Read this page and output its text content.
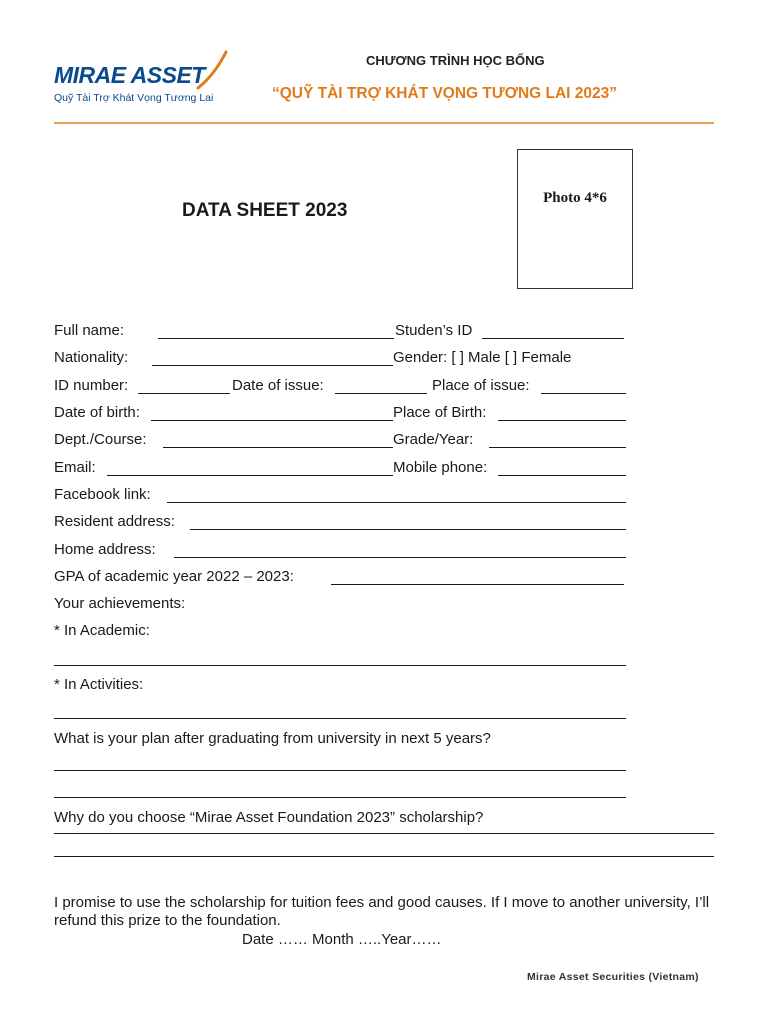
MIRAE ASSET
Quỹ Tài Trợ Khát Vọng Tương Lai
CHƯƠNG TRÌNH HỌC BỔNG
“QUỸ TÀI TRỢ KHÁT VỌNG TƯƠNG LAI 2023”
Photo 4*6
DATA SHEET 2023
Full name:	Studen’s ID
Nationality:	Gender: [ ] Male [ ] Female
ID number:	Date of issue:	Place of issue:
Date of birth:	Place of Birth:
Dept./Course:	Grade/Year:
Email:	Mobile phone:
Facebook link:
Resident address:
Home address:
GPA of academic year 2022 – 2023:
Your achievements:
* In Academic:
* In Activities:
What is your plan after graduating from university in next 5 years?
Why do you choose “Mirae Asset Foundation 2023” scholarship?
I promise to use the scholarship for tuition fees and good causes. If I move to another university, I’ll refund this prize to the foundation.
Date …… Month …..Year……
Mirae Asset Securities (Vietnam)
